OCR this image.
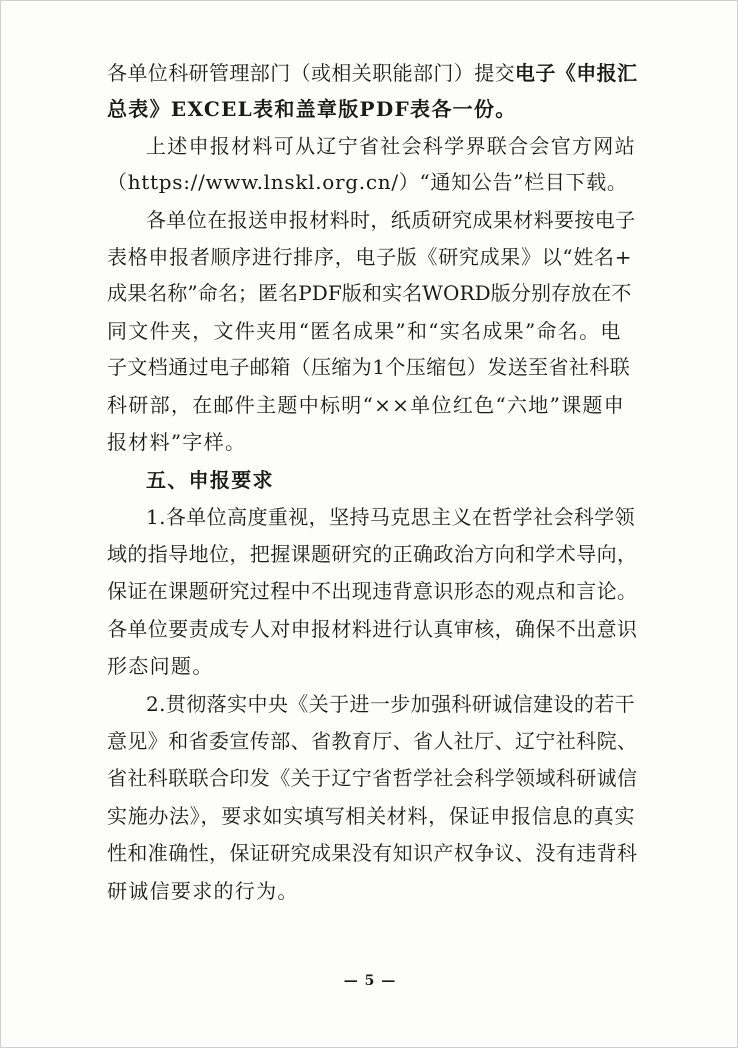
各单位科研管理部门（或相关职能部门）提交电子《申报汇
总表》EXCEL表和盖章版PDF表各一份。
上述申报材料可从辽宁省社会科学界联合会官方网站
（https://www.lnskl.org.cn/）“通知公告”栏目下载。
各单位在报送申报材料时，纸质研究成果材料要按电子
表格申报者顺序进行排序，电子版《研究成果》以“姓名+
成果名称”命名；匿名PDF版和实名WORD版分别存放在不
同文件夹，文件夹用“匿名成果”和“实名成果”命名。电
子文档通过电子邮箱（压缩为1个压缩包）发送至省社科联
科研部，在邮件主题中标明“××单位红色“六地”课题申
报材料”字样。
五、申报要求
1.各单位高度重视，坚持马克思主义在哲学社会科学领
域的指导地位，把握课题研究的正确政治方向和学术导向，
保证在课题研究过程中不出现违背意识形态的观点和言论。
各单位要责成专人对申报材料进行认真审核，确保不出意识
形态问题。
2.贯彻落实中央《关于进一步加强科研诚信建设的若干
意见》和省委宣传部、省教育厅、省人社厅、辽宁社科院、
省社科联联合印发《关于辽宁省哲学社会科学领域科研诚信
实施办法》，要求如实填写相关材料，保证申报信息的真实
性和准确性，保证研究成果没有知识产权争议、没有违背科
研诚信要求的行为。
— 5 —
